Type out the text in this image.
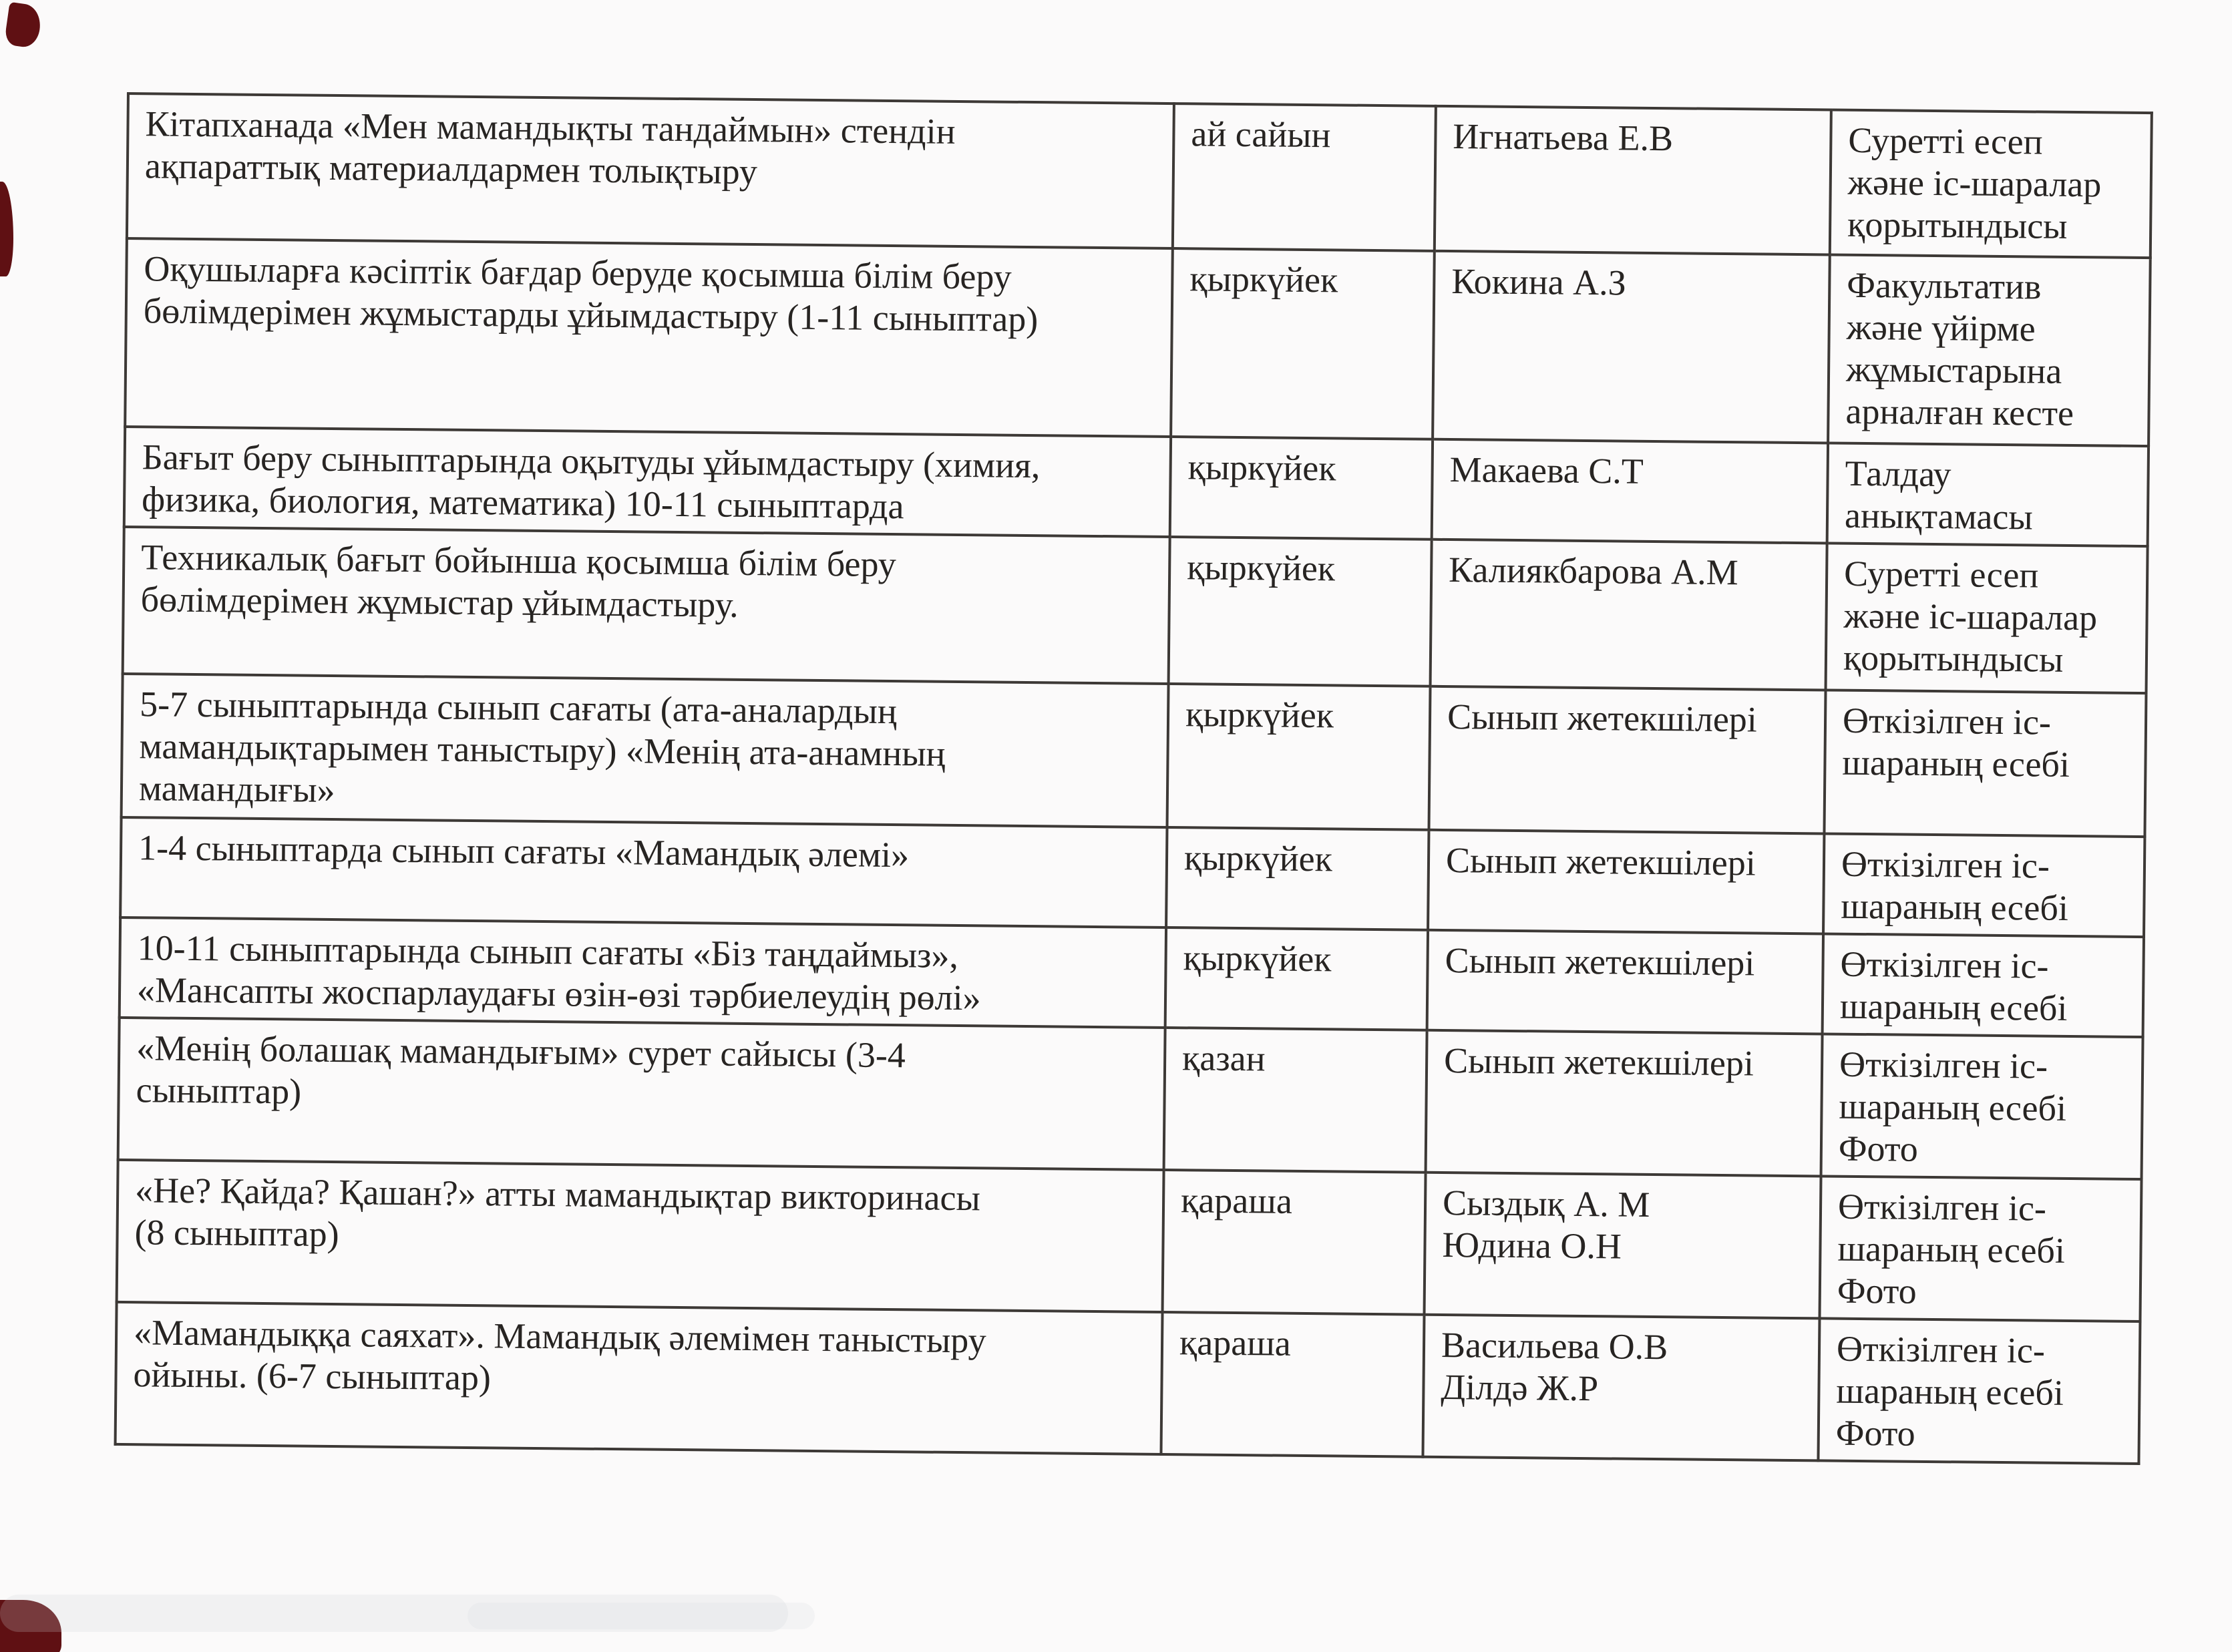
Кітапханада «Мен мамандықты тандаймын» стендін
ақпараттық материалдармен толықтыру	ай сайын	Игнатьева Е.В	Суретті есеп
және іс-шаралар
қорытындысы
Оқушыларға кәсіптік бағдар беруде қосымша білім беру
бөлімдерімен жұмыстарды ұйымдастыру (1-11 сыныптар)	қыркүйек	Кокина А.З	Факультатив
және үйірме
жұмыстарына
арналған кесте
Бағыт беру сыныптарында оқытуды ұйымдастыру (химия,
физика, биология, математика) 10-11 сыныптарда	қыркүйек	Макаева С.Т	Талдау
анықтамасы
Техникалық бағыт бойынша қосымша білім беру
бөлімдерімен жұмыстар ұйымдастыру.	қыркүйек	Калиякбарова А.М	Суретті есеп
және іс-шаралар
қорытындысы
5-7 сыныптарында сынып сағаты (ата-аналардың
мамандықтарымен таныстыру) «Менің ата-анамның
мамандығы»	қыркүйек	Сынып жетекшілері	Өткізілген іс-
шараның есебі
1-4 сыныптарда сынып сағаты «Мамандық әлемі»	қыркүйек	Сынып жетекшілері	Өткізілген іс-
шараның есебі
10-11 сыныптарында сынып сағаты «Біз таңдаймыз»,
«Мансапты жоспарлаудағы өзін-өзі тәрбиелеудің рөлі»	қыркүйек	Сынып жетекшілері	Өткізілген іс-
шараның есебі
«Менің болашақ мамандығым» сурет сайысы (3-4
сыныптар)	қазан	Сынып жетекшілері	Өткізілген іс-
шараның есебі
Фото
«Не? Қайда? Қашан?» атты мамандықтар викторинасы
(8 сыныптар)	қараша	Сыздық А. М
Юдина О.Н	Өткізілген іс-
шараның есебі
Фото
«Мамандыққа саяхат». Мамандық әлемімен таныстыру
ойыны. (6-7 сыныптар)	қараша	Васильева О.В
Ділдә Ж.Р	Өткізілген іс-
шараның есебі
Фото
